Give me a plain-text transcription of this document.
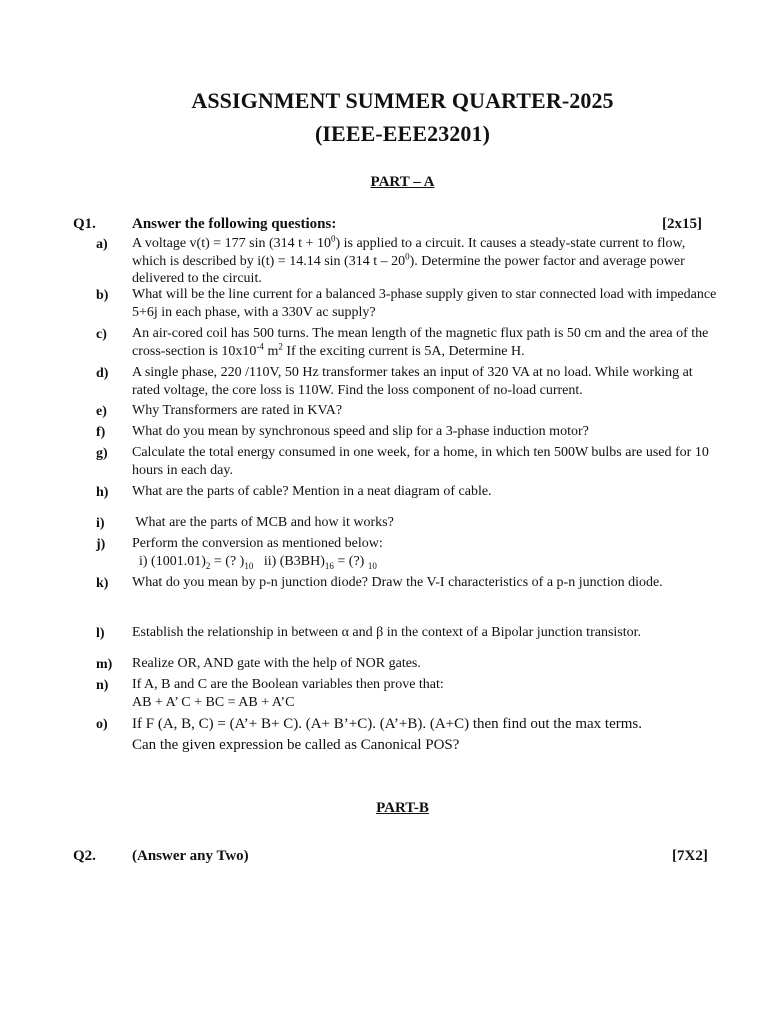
ASSIGNMENT SUMMER QUARTER-2025
(IEEE-EEE23201)
PART – A
Q1. Answer the following questions:	[2x15]
a) A voltage v(t) = 177 sin (314 $t + 10^0$) is applied to a circuit. It causes a steady-state current to flow, which is described by i(t) = 14.14 sin (314 t – $20^0$). Determine the power factor and average power delivered to the circuit.
b) What will be the line current for a balanced 3-phase supply given to star connected load with impedance 5+6j in each phase, with a 330V ac supply?
c) An air-cored coil has 500 turns. The mean length of the magnetic flux path is 50 cm and the area of the cross-section is $10x10^{-4}$ $m^2$ If the exciting current is 5A, Determine H.
d) A single phase, 220 /110V, 50 Hz transformer takes an input of 320 VA at no load. While working at rated voltage, the core loss is 110W. Find the loss component of no-load current.
e) Why Transformers are rated in KVA?
f) What do you mean by synchronous speed and slip for a 3-phase induction motor?
g) Calculate the total energy consumed in one week, for a home, in which ten 500W bulbs are used for 10 hours in each day.
h) What are the parts of cable? Mention in a neat diagram of cable.
i) What are the parts of MCB and how it works?
j) Perform the conversion as mentioned below:
i) $(1001.01)_2$ = (? )$_{10}$   ii) $(B3BH)_{16}$ = (?) $_{10}$
k) What do you mean by p-n junction diode? Draw the V-I characteristics of a p-n junction diode.
l) Establish the relationship in between α and β in the context of a Bipolar junction transistor.
m) Realize OR, AND gate with the help of NOR gates.
n) If A, B and C are the Boolean variables then prove that:
AB + A’ C + BC = AB + A’C
o) If F (A, B, C) = (A’+ B+ C). (A+ B’+C). (A’+B). (A+C) then find out the max terms.
Can the given expression be called as Canonical POS?
PART-B
Q2. (Answer any Two)	[7X2]
